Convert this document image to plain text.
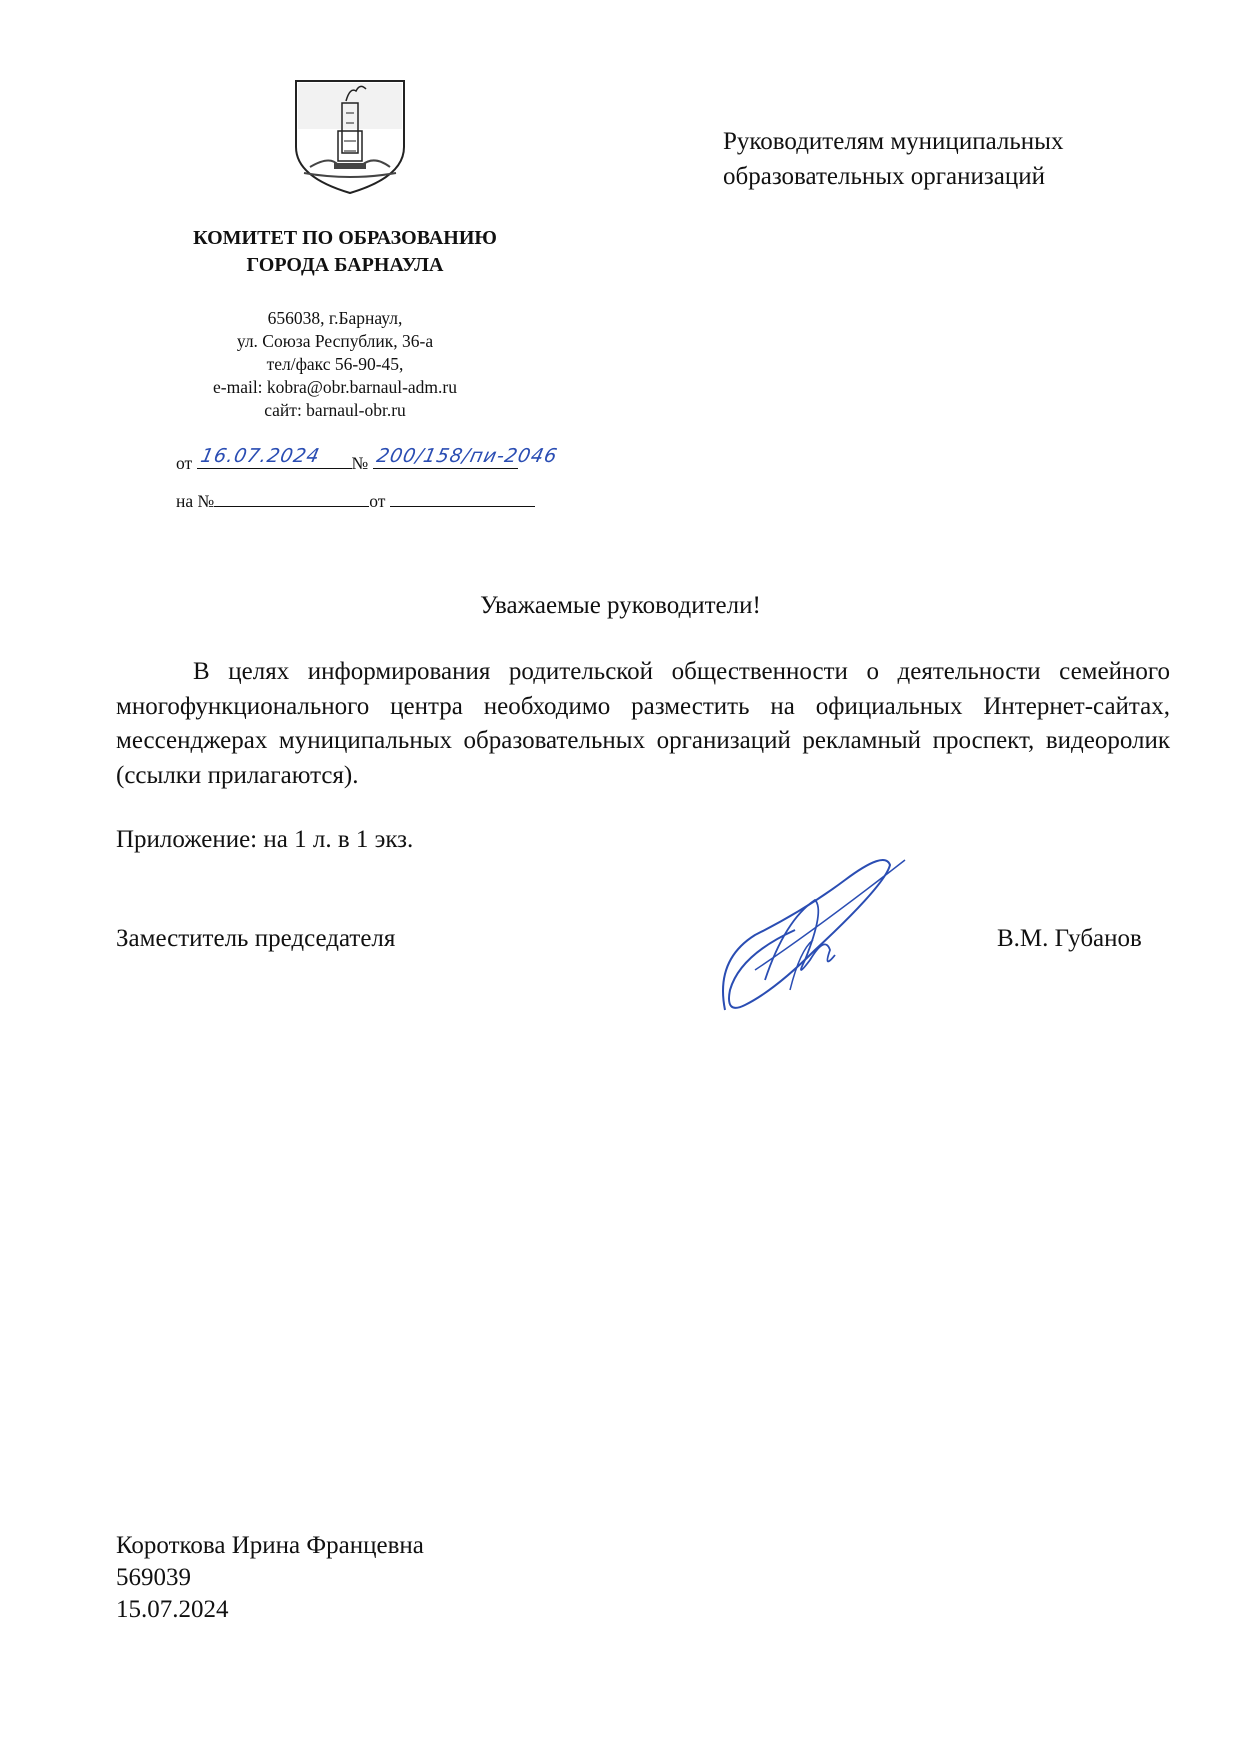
КОМИТЕТ ПО ОБРАЗОВАНИЮ
ГОРОДА БАРНАУЛА
656038, г.Барнаул,
ул. Союза Республик, 36-а
тел/факс 56-90-45,
e-mail: kobra@obr.barnaul-adm.ru
сайт: barnaul-obr.ru
от 16.07.2024 № 200/158/пи-2046
на №	от
Руководителям муниципальных
образовательных организаций
Уважаемые руководители!
В целях информирования родительской общественности о деятельности семейного многофункционального центра необходимо разместить на официальных Интернет-сайтах, мессенджерах муниципальных образовательных организаций рекламный проспект, видеоролик (ссылки прилагаются).
Приложение: на 1 л. в 1 экз.
Заместитель председателя	В.М. Губанов
Короткова Ирина Францевна
569039
15.07.2024
